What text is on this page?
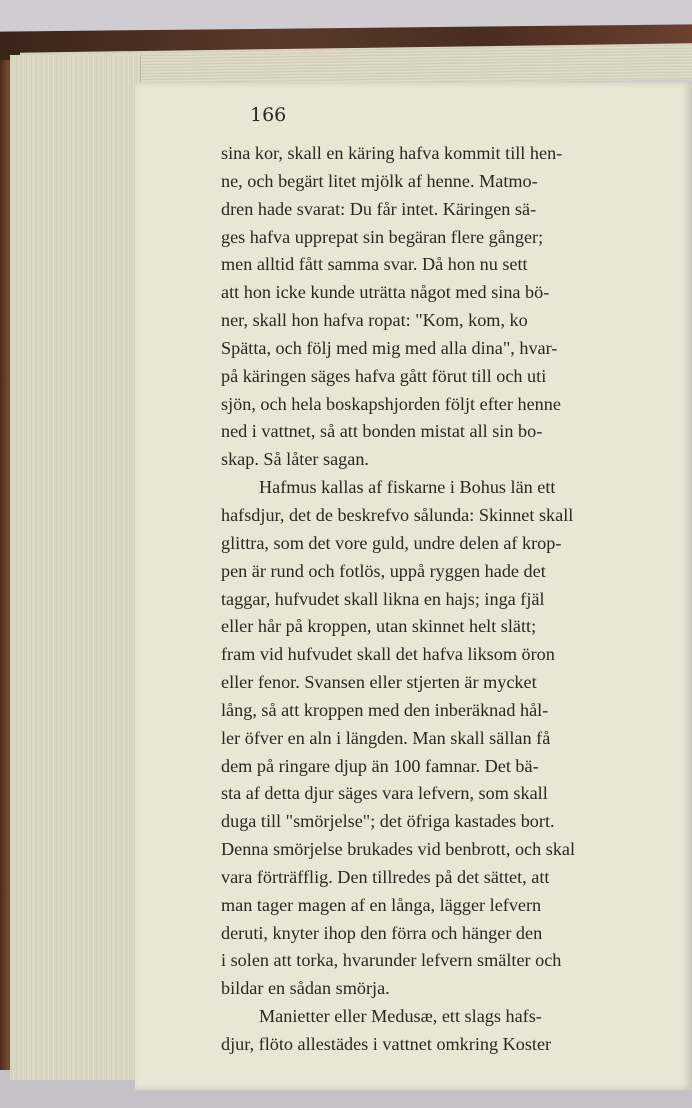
166
sina kor, skall en käring hafva kommit till hen-
ne, och begärt litet mjölk af henne. Matmo-
dren hade svarat: Du får intet. Käringen sä-
ges hafva upprepat sin begäran flere gånger;
men alltid fått samma svar. Då hon nu sett
att hon icke kunde uträtta något med sina bö-
ner, skall hon hafva ropat: "Kom, kom, ko
Spätta, och följ med mig med alla dina", hvar-
på käringen säges hafva gått förut till och uti
sjön, och hela boskapshjorden följt efter henne
ned i vattnet, så att bonden mistat all sin bo-
skap. Så låter sagan.
Hafmus kallas af fiskarne i Bohus län ett
hafsdjur, det de beskrefvo sålunda: Skinnet skall
glittra, som det vore guld, undre delen af krop-
pen är rund och fotlös, uppå ryggen hade det
taggar, hufvudet skall likna en hajs; inga fjäl
eller hår på kroppen, utan skinnet helt slätt;
fram vid hufvudet skall det hafva liksom öron
eller fenor. Svansen eller stjerten är mycket
lång, så att kroppen med den inberäknad hål-
ler öfver en aln i längden. Man skall sällan få
dem på ringare djup än 100 famnar. Det bä-
sta af detta djur säges vara lefvern, som skall
duga till "smörjelse"; det öfriga kastades bort.
Denna smörjelse brukades vid benbrott, och skal
vara förträfflig. Den tillredes på det sättet, att
man tager magen af en långa, lägger lefvern
deruti, knyter ihop den förra och hänger den
i solen att torka, hvarunder lefvern smälter och
bildar en sådan smörja.
Manietter eller Medusæ, ett slags hafs-
djur, flöto allestädes i vattnet omkring Koster
